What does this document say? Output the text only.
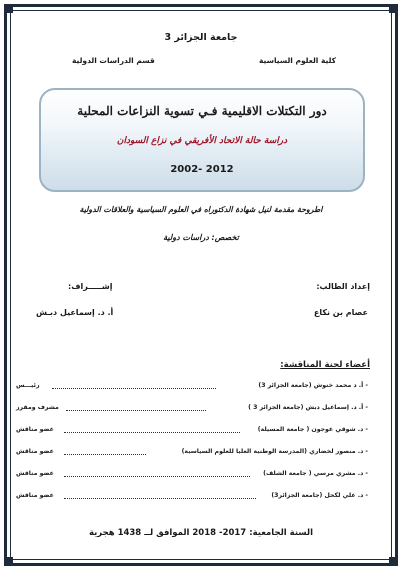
جامعة الجزائر 3
كلية العلوم السياسية
قسم الدراسات الدولية
دور التكتلات الاقليمية فـي تسوية النزاعات المحلية
دراسة حالة الاتحاد الأفريقي في نزاع السودان
2002- 2012
اطروحة مقدمة لنيل شهادة الدكتوراه في العلوم السياسية والعلاقات الدولية
تخصص: دراسات دولية
إعداد الطالب:
عصام بن نكاع
إشـــــراف:
أ. د. إسماعيل دبـش
أعضاء لجنة المناقشة:
- أ. د محمد خنوش (جامعة الجزائر 3)
رئيـــس
- أ. د. إسماعيل دبش (جامعة الجزائر 3 )
مشرف ومقرر
- د. شوقي عوجون ( جامعة المسيلة)
عضو مناقش
- د. منصور لخضاري (المدرسة الوطنية العليا للعلوم السياسية)
عضو مناقش
- د. مشري مرسي ( جامعة الشلف)
عضو مناقش
- د. علي لكحل (جامعة الجزائر3)
عضو مناقش
السنة الجامعية: 2017- 2018 الموافق لــ 1438 هجرية
